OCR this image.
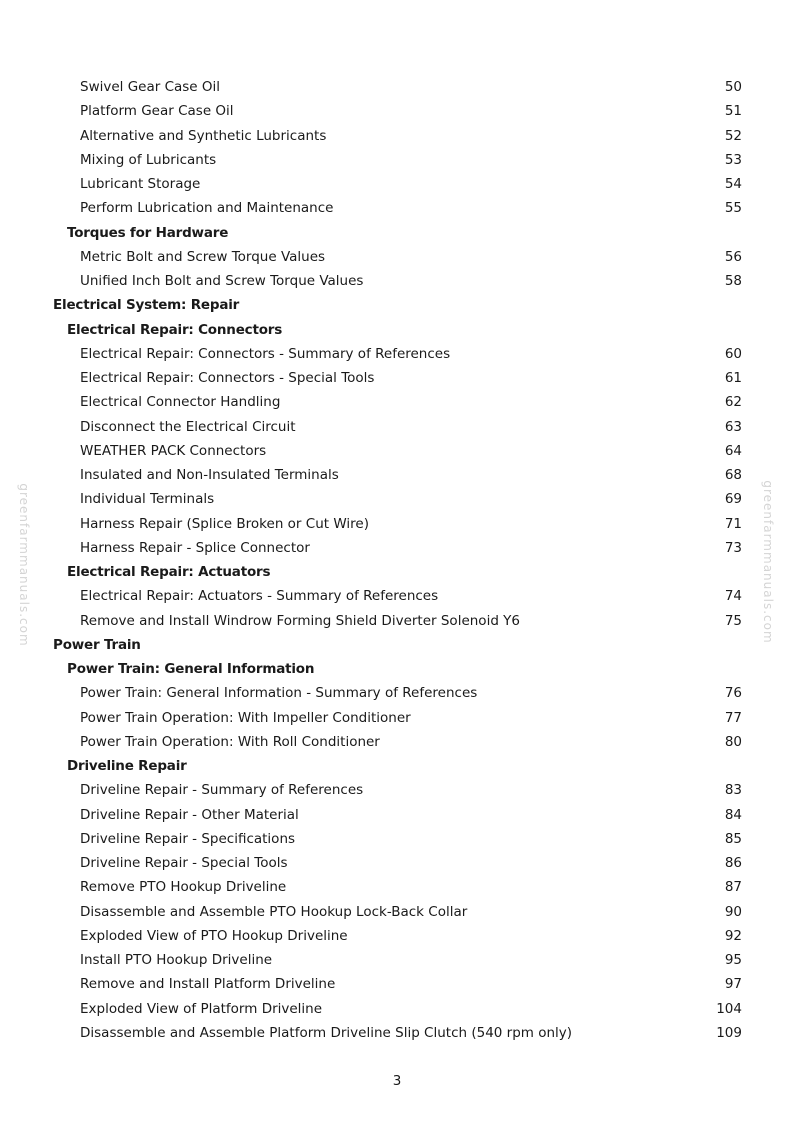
greenfarmmanuals.com	greenfarmmanuals.com
Swivel Gear Case Oil	50
Platform Gear Case Oil	51
Alternative and Synthetic Lubricants	52
Mixing of Lubricants	53
Lubricant Storage	54
Perform Lubrication and Maintenance	55
Torques for Hardware
Metric Bolt and Screw Torque Values	56
Unified Inch Bolt and Screw Torque Values	58
Electrical System: Repair
Electrical Repair: Connectors
Electrical Repair: Connectors - Summary of References	60
Electrical Repair: Connectors - Special Tools	61
Electrical Connector Handling	62
Disconnect the Electrical Circuit	63
WEATHER PACK Connectors	64
Insulated and Non-Insulated Terminals	68
Individual Terminals	69
Harness Repair (Splice Broken or Cut Wire)	71
Harness Repair - Splice Connector	73
Electrical Repair: Actuators
Electrical Repair: Actuators - Summary of References	74
Remove and Install Windrow Forming Shield Diverter Solenoid Y6	75
Power Train
Power Train: General Information
Power Train: General Information - Summary of References	76
Power Train Operation: With Impeller Conditioner	77
Power Train Operation: With Roll Conditioner	80
Driveline Repair
Driveline Repair - Summary of References	83
Driveline Repair - Other Material	84
Driveline Repair - Specifications	85
Driveline Repair - Special Tools	86
Remove PTO Hookup Driveline	87
Disassemble and Assemble PTO Hookup Lock-Back Collar	90
Exploded View of PTO Hookup Driveline	92
Install PTO Hookup Driveline	95
Remove and Install Platform Driveline	97
Exploded View of Platform Driveline	104
Disassemble and Assemble Platform Driveline Slip Clutch (540 rpm only)	109
3
